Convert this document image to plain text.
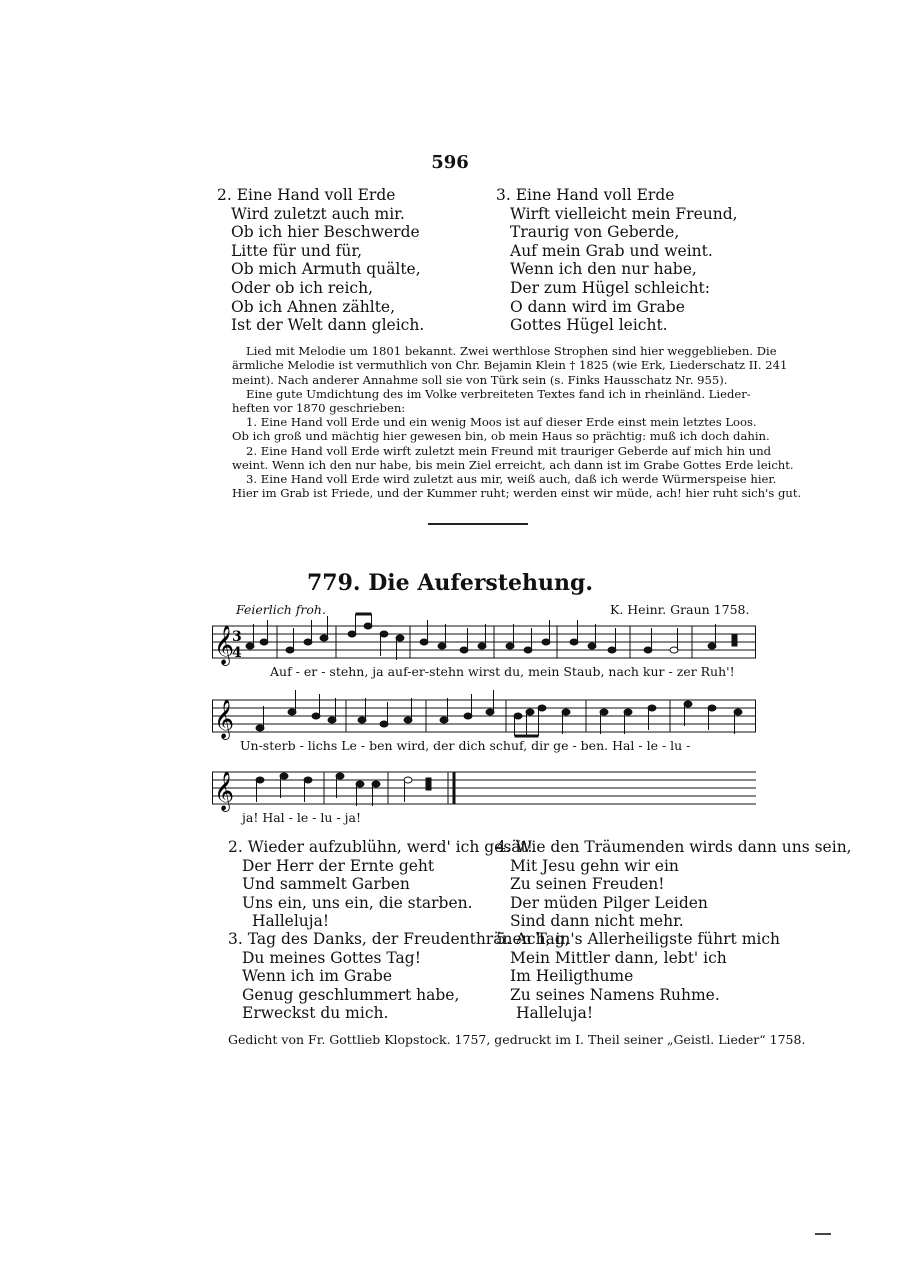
596
2. Eine Hand voll Erde
Wird zuletzt auch mir.
Ob ich hier Beschwerde
Litte für und für,
Ob mich Armuth quälte,
Oder ob ich reich,
Ob ich Ahnen zählte,
Ist der Welt dann gleich.
3. Eine Hand voll Erde
Wirft vielleicht mein Freund,
Traurig von Geberde,
Auf mein Grab und weint.
Wenn ich den nur habe,
Der zum Hügel schleicht:
O dann wird im Grabe
Gottes Hügel leicht.

Lied mit Melodie um 1801 bekannt. Zwei werthlose Strophen sind hier weggeblieben. Die

ärmliche Melodie ist vermuthlich von Chr. Bejamin Klein † 1825 (wie Erk, Liederschatz II. 241

meint). Nach anderer Annahme soll sie von Türk sein (s. Finks Hausschatz Nr. 955).

Eine gute Umdichtung des im Volke verbreiteten Textes fand ich in rheinländ. Lieder-

heften vor 1870 geschrieben:

1. Eine Hand voll Erde und ein wenig Moos ist auf dieser Erde einst mein letztes Loos.

Ob ich groß und mächtig hier gewesen bin, ob mein Haus so prächtig: muß ich doch dahin.

2. Eine Hand voll Erde wirft zuletzt mein Freund mit trauriger Geberde auf mich hin und

weint. Wenn ich den nur habe, bis mein Ziel erreicht, ach dann ist im Grabe Gottes Erde leicht.

3. Eine Hand voll Erde wird zuletzt aus mir, weiß auch, daß ich werde Würmerspeise hier.

Hier im Grab ist Friede, und der Kummer ruht; werden einst wir müde, ach! hier ruht sich's gut.

779. Die Auferstehung.
Feierlich froh.	K. Heinr. Graun 1758.
𝄞
3
4
Auf - er - stehn, ja auf-er-stehn wirst du, mein Staub, nach kur - zer Ruh'!
𝄞
Un-sterb - lichs Le - ben wird, der dich schuf, dir ge - ben. Hal - le - lu -
𝄞
ja! Hal - le - lu - ja!
2. Wieder aufzublühn, werd' ich gesät!
Der Herr der Ernte geht
Und sammelt Garben
Uns ein, uns ein, die starben.
Halleluja!
3. Tag des Danks, der Freudenthränen Tag,
Du meines Gottes Tag!
Wenn ich im Grabe
Genug geschlummert habe,
Erweckst du mich.
4. Wie den Träumenden wirds dann uns sein,
Mit Jesu gehn wir ein
Zu seinen Freuden!
Der müden Pilger Leiden
Sind dann nicht mehr.
5. Ach, in's Allerheiligste führt mich
Mein Mittler dann, lebt' ich
Im Heiligthume
Zu seines Namens Ruhme.
Halleluja!
Gedicht von Fr. Gottlieb Klopstock. 1757, gedruckt im I. Theil seiner „Geistl. Lieder“ 1758.
